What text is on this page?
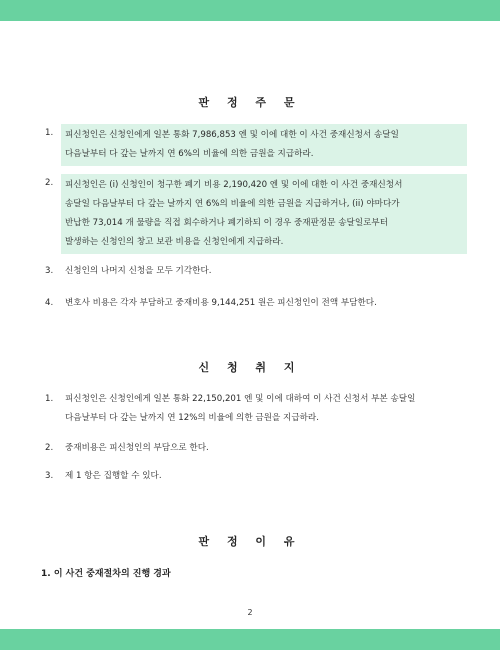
판 정 주 문
1.	피신청인은 신청인에게 일본 통화 7,986,853 엔 및 이에 대한 이 사건 중재신청서 송달일
다음날부터 다 갚는 날까지 연 6%의 비율에 의한 금원을 지급하라.
2.	피신청인은 (i) 신청인이 청구한 폐기 비용 2,190,420 엔 및 이에 대한 이 사건 중재신청서
송달일 다음날부터 다 갚는 날까지 연 6%의 비율에 의한 금원을 지급하거나, (ii) 야마다가
반납한 73,014 개 물량을 직접 회수하거나 폐기하되 이 경우 중재판정문 송달일로부터
발생하는 신청인의 창고 보관 비용을 신청인에게 지급하라.
3.	신청인의 나머지 신청을 모두 기각한다.
4.	변호사 비용은 각자 부담하고 중재비용 9,144,251 원은 피신청인이 전액 부담한다.
신 청 취 지
1.	피신청인은 신청인에게 일본 통화 22,150,201 엔 및 이에 대하여 이 사건 신청서 부본 송달일
다음날부터 다 갚는 날까지 연 12%의 비율에 의한 금원을 지급하라.
2.	중재비용은 피신청인의 부담으로 한다.
3.	제 1 항은 집행할 수 있다.
판 정 이 유
1. 이 사건 중재절차의 진행 경과
2
